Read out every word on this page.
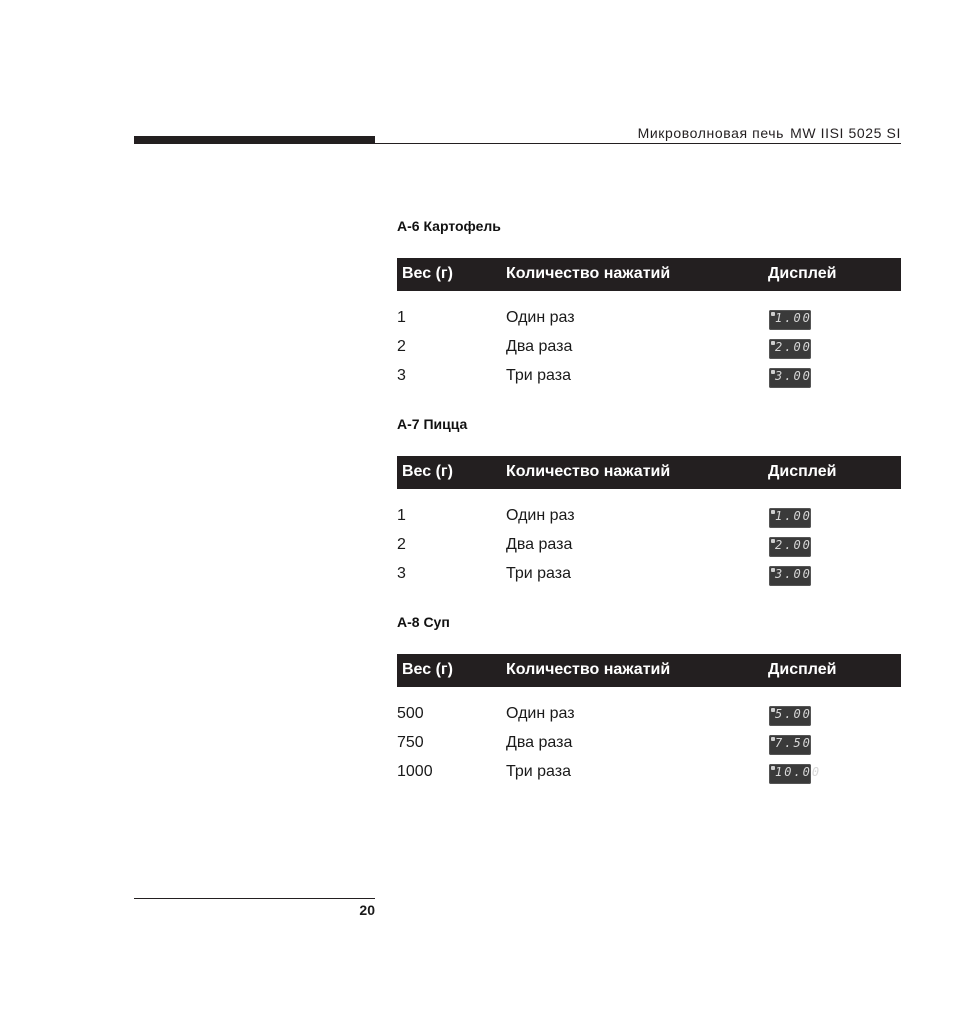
Микроволновая печь MW IISI 5025 SI
А-6 Картофель
Вес (г)	Количество нажатий	Дисплей
1	Один раз	1.00
2	Два раза	2.00
3	Три раза	3.00
А-7 Пицца
Вес (г)	Количество нажатий	Дисплей
1	Один раз	1.00
2	Два раза	2.00
3	Три раза	3.00
А-8 Суп
Вес (г)	Количество нажатий	Дисплей
500	Один раз	5.00
750	Два раза	7.50
1000	Три раза	10.00
20
